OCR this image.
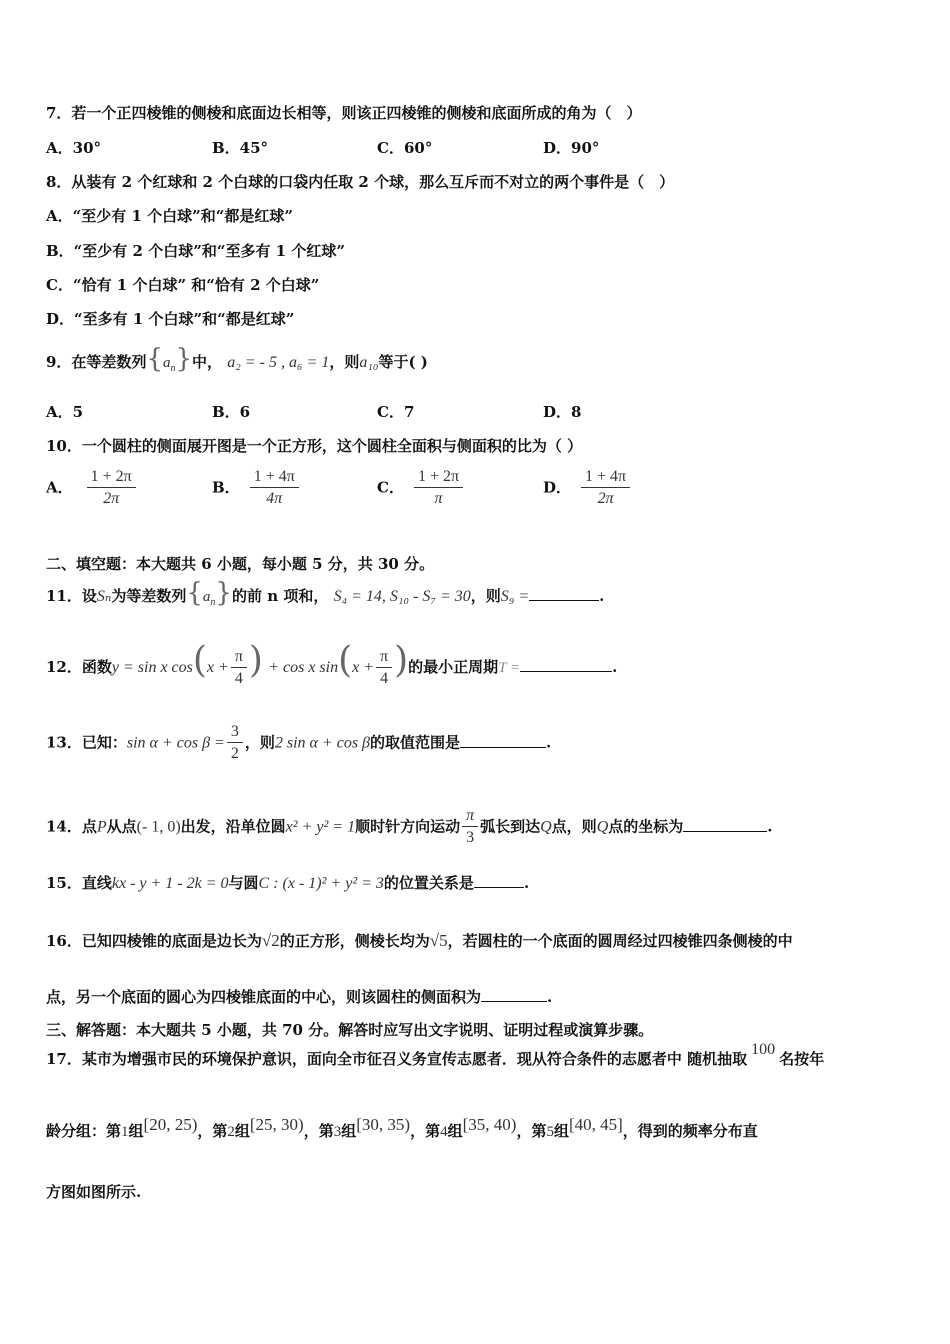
7．若一个正四棱锥的侧棱和底面边长相等，则该正四棱锥的侧棱和底面所成的角为（　）
A．30°	B．45°	C．60°	D．90°
8．从装有 2 个红球和 2 个白球的口袋内任取 2 个球，那么互斥而不对立的两个事件是（　）
A．“至少有 1 个白球”和“都是红球”
B．“至少有 2 个白球”和“至多有 1 个红球”
C．“恰有 1 个白球” 和“恰有 2 个白球”
D．“至多有 1 个白球”和“都是红球”
9．在等差数列$\{a_n\}$中， a₂ = - 5 , a₆ = 1，则a₁₀等于( )
A．5	B．6	C．7	D．8
10．一个圆柱的侧面展开图是一个正方形，这个圆柱全面积与侧面积的比为（ ）
A． $\frac{1 + 2\pi}{2\pi}$	B． $\frac{1 + 4\pi}{4\pi}$	C． $\frac{1 + 2\pi}{\pi}$	D． $\frac{1 + 4\pi}{2\pi}$
二、填空题：本大题共 6 小题，每小题 5 分，共 30 分。
11．设Sₙ为等差数列$\{a_n\}$的前 n 项和， S₄ = 14, S₁₀ - S₇ = 30，则S₉ =	.
12．函数y = sin x $\cos(x + \frac{\pi}{4}$ ) + cos x $\sin(x + \frac{\pi}{4}$ )的最小正周期T =	.
13．已知：$\sin \alpha + \cos \beta = \frac{3}{2}$ ，则2 sin α + cos β的取值范围是	.
14．点P从点(- 1, 0)出发，沿单位圆x² + y² = 1顺时针方向运动 $\frac{\pi}{3}$ 弧长到达Q点，则Q点的坐标为	.
15．直线kx - y + 1 - 2k = 0与圆C : (x - 1)² + y² = 3的位置关系是	.
16．已知四棱锥的底面是边长为√2的正方形，侧棱长均为√5，若圆柱的一个底面的圆周经过四棱锥四条侧棱的中
点，另一个底面的圆心为四棱锥底面的中心，则该圆柱的侧面积为	.
三、解答题：本大题共 5 小题，共 70 分。解答时应写出文字说明、证明过程或演算步骤。
17．某市为增强市民的环境保护意识，面向全市征召义务宣传志愿者．现从符合条件的志愿者中 随机抽取100名按年
龄分组：第1组[20, 25)，第2组[25, 30)，第3组[30, 35)，第4组[35, 40)，第5组[40, 45]，得到的频率分布直
方图如图所示.
